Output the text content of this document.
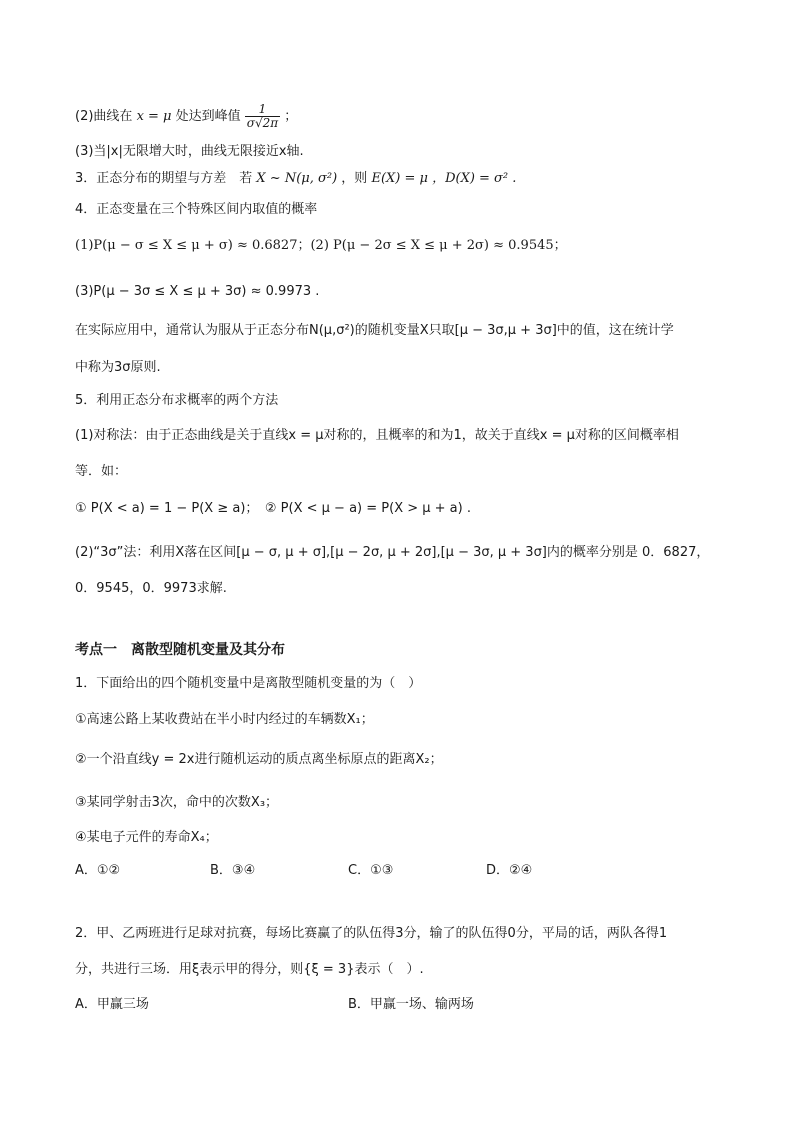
(2)曲线在 x = μ 处达到峰值 $\frac{1}{\sigma√2\pi}$ ；
(3)当|x|无限增大时，曲线无限接近x轴.
3．正态分布的期望与方差　若 X ~ N(μ, σ²) ，则 E(X) = μ ，D(X) = σ² .
4．正态变量在三个特殊区间内取值的概率
(1)P(μ − σ ≤ X ≤ μ + σ) ≈ 0.6827；(2) P(μ − 2σ ≤ X ≤ μ + 2σ) ≈ 0.9545；
(3)P(μ − 3σ ≤ X ≤ μ + 3σ) ≈ 0.9973 .
在实际应用中，通常认为服从于正态分布N(μ,σ²)的随机变量X只取[μ − 3σ,μ + 3σ]中的值，这在统计学
中称为3σ原则.
5．利用正态分布求概率的两个方法
(1)对称法：由于正态曲线是关于直线x = μ对称的，且概率的和为1，故关于直线x = μ对称的区间概率相
等．如：
① P(X < a) = 1 − P(X ≥ a)；　② P(X < μ − a) = P(X > μ + a) .
(2)“3σ”法：利用X落在区间[μ − σ, μ + σ],[μ − 2σ, μ + 2σ],[μ − 3σ, μ + 3σ]内的概率分别是 0．6827，
0．9545，0．9973求解.
考点一　离散型随机变量及其分布
1．下面给出的四个随机变量中是离散型随机变量的为（　）
①高速公路上某收费站在半小时内经过的车辆数X₁；
②一个沿直线y = 2x进行随机运动的质点离坐标原点的距离X₂；
③某同学射击3次，命中的次数X₃；
④某电子元件的寿命X₄；
A．①②	B．③④	C．①③	D．②④
2．甲、乙两班进行足球对抗赛，每场比赛赢了的队伍得3分，输了的队伍得0分，平局的话，两队各得1
分，共进行三场．用ξ表示甲的得分，则{ξ = 3}表示（　）.
A．甲赢三场	B．甲赢一场、输两场
